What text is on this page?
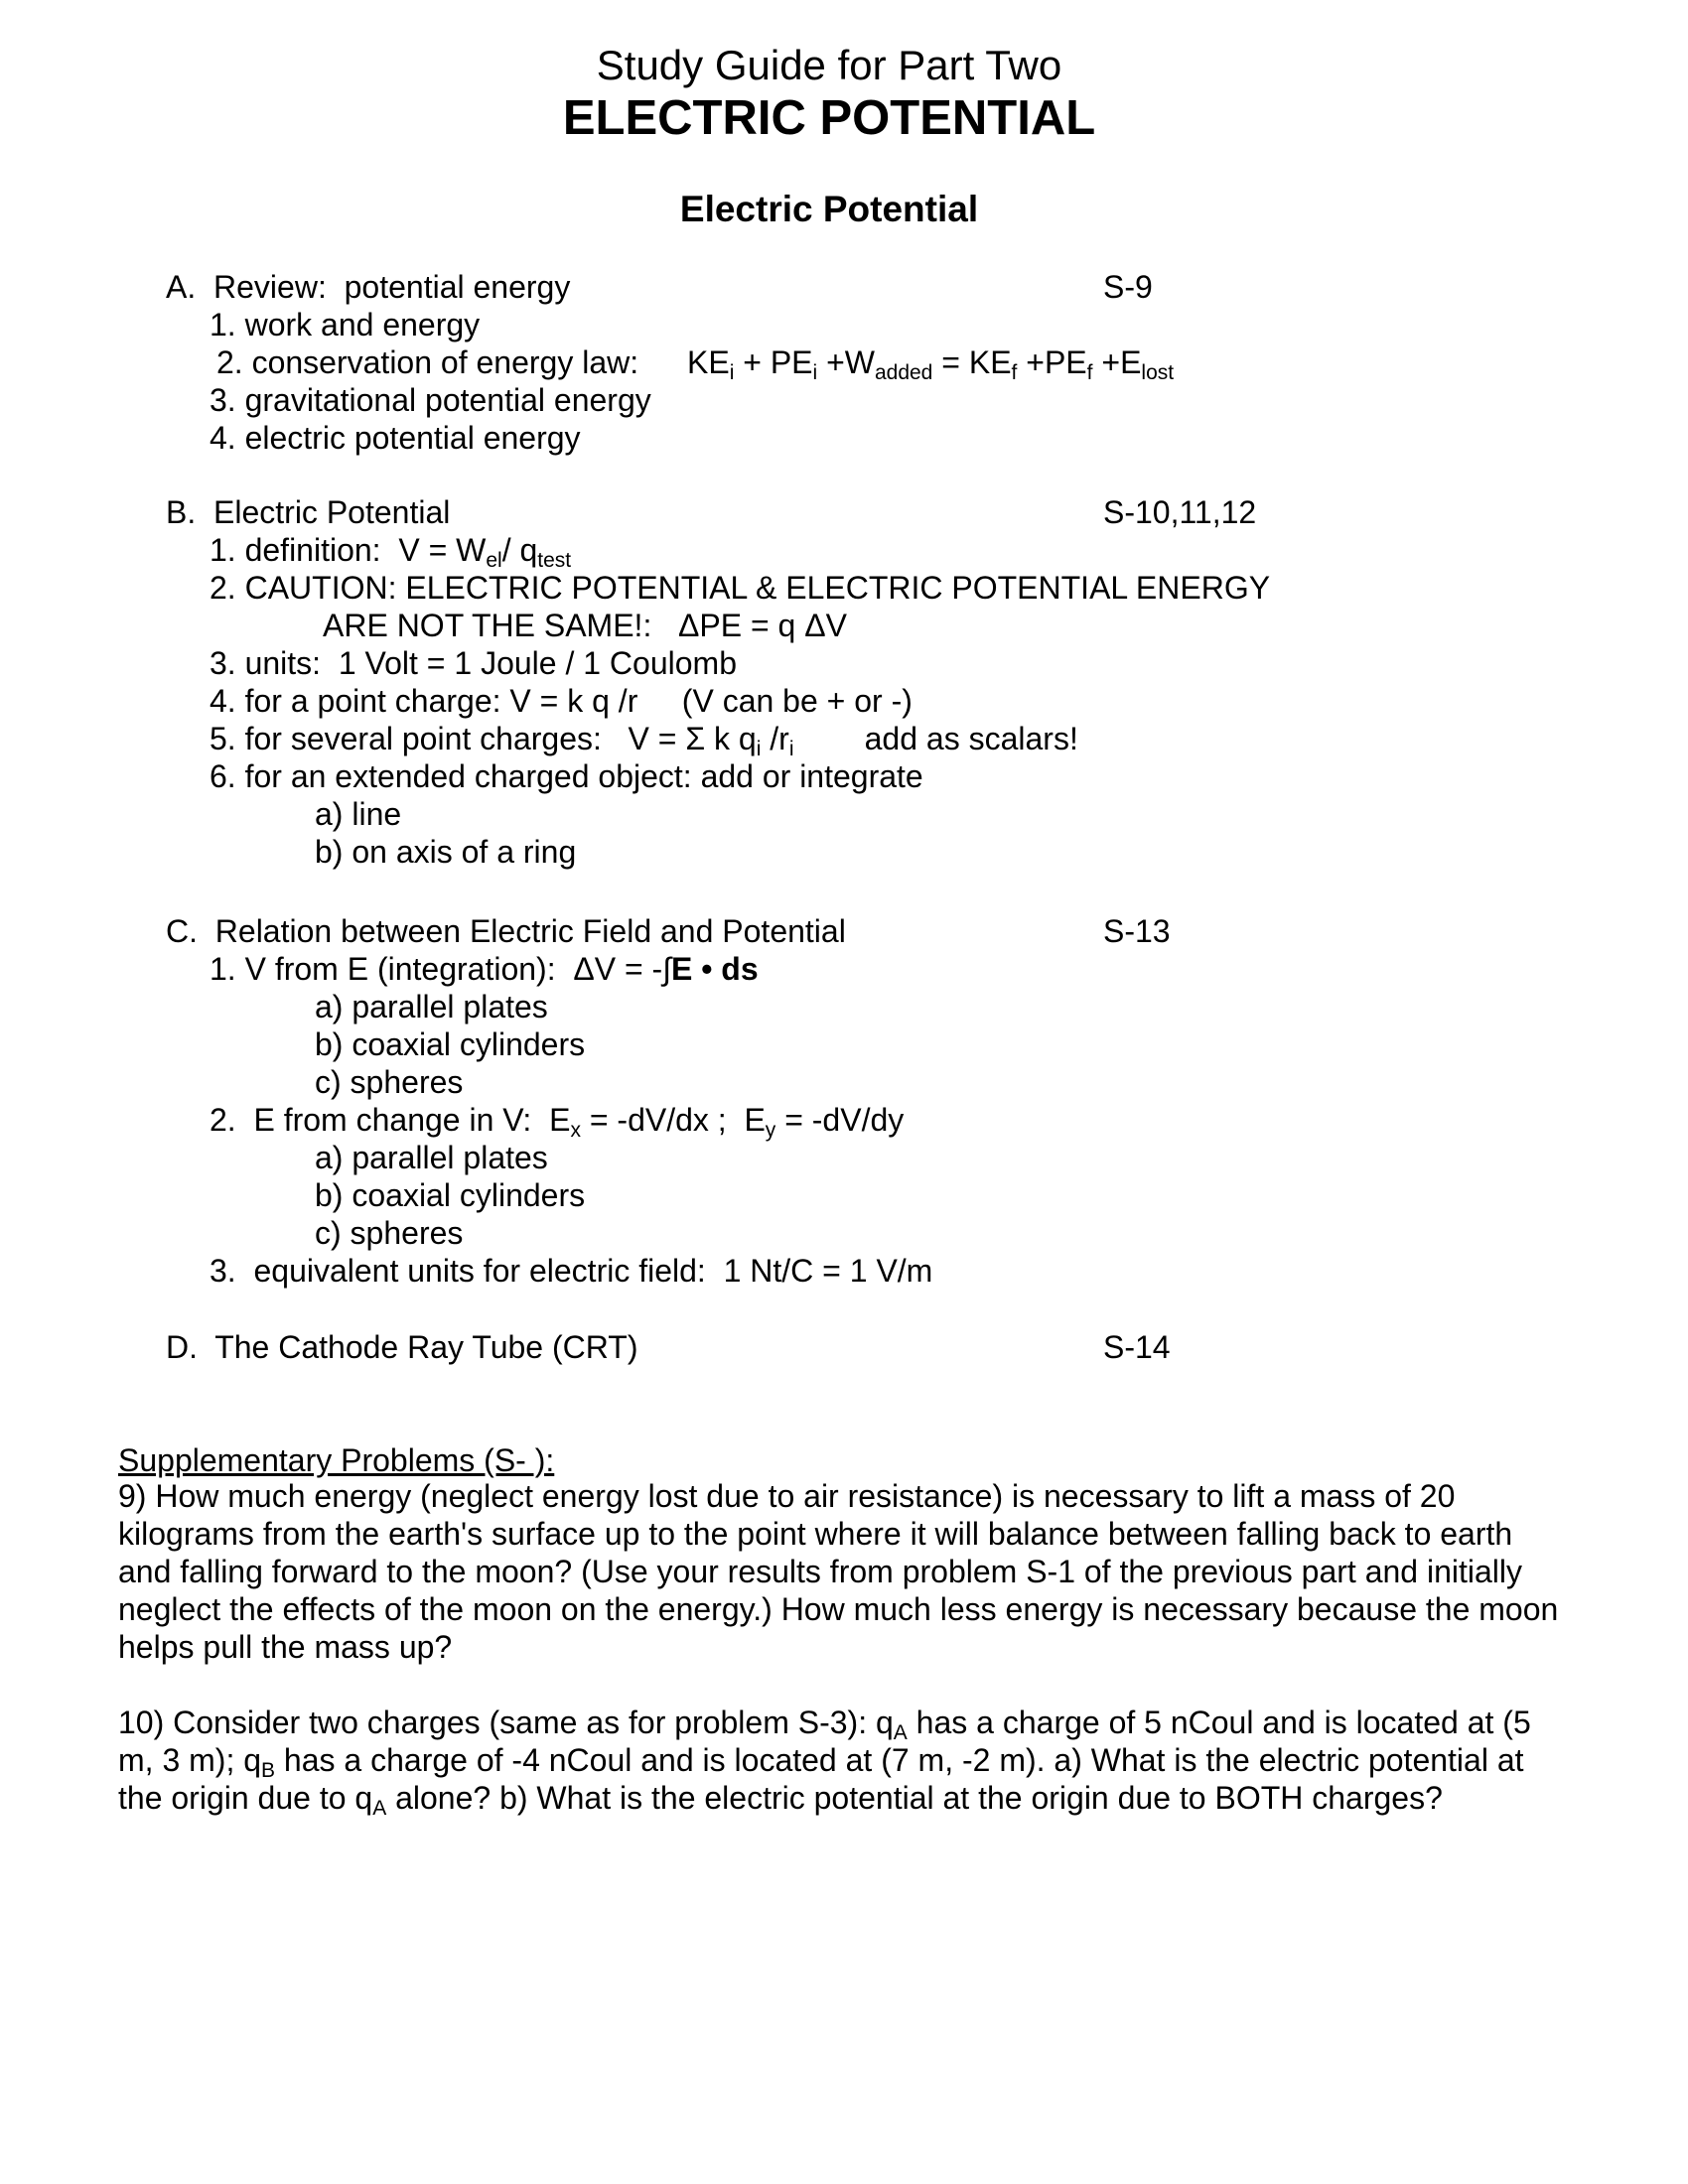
Study Guide for Part Two
ELECTRIC POTENTIAL
Electric Potential
A.  Review:  potential energy	S-9
1. work and energy
2. conservation of energy law: $KE_i + PE_i +W_{added} = KE_f +PE_f +E_{lost}$
3. gravitational potential energy
4. electric potential energy
B.  Electric Potential	S-10,11,12
1. definition:  $V = W_{el}/$ $q_{test}$
2. CAUTION: ELECTRIC POTENTIAL & ELECTRIC POTENTIAL ENERGY
ARE NOT THE SAME!:   ΔPE = q ΔV
3. units:  1 Volt = 1 Joule / 1 Coulomb
4. for a point charge: V = k q /r     (V can be + or -)
5. for several point charges:   V = Σ k $q_i$ $/r_i$        add as scalars!
6. for an extended charged object: add or integrate
a) line
b) on axis of a ring
C.  Relation between Electric Field and Potential	S-13
1. V from E (integration):  ΔV = -∫E • ds
a) parallel plates
b) coaxial cylinders
c) spheres
2.  E from change in V:  $E_x = -dV/dx$ ;  $E_y = -dV/dy$
a) parallel plates
b) coaxial cylinders
c) spheres
3.  equivalent units for electric field:  1 Nt/C = 1 V/m
D.  The Cathode Ray Tube (CRT)	S-14
Supplementary Problems (S- ):
9) How much energy (neglect energy lost due to air resistance) is necessary to lift a mass of 20 kilograms from the earth's surface up to the point where it will balance between falling back to earth and falling forward to the moon? (Use your results from problem S-1 of the previous part and initially neglect the effects of the moon on the energy.) How much less energy is necessary because the moon helps pull the mass up?
10) Consider two charges (same as for problem S-3): $q_A$ has a charge of 5 nCoul and is located at (5 m, 3 m); $q_B$ has a charge of -4 nCoul and is located at (7 m, -2 m). a) What is the electric potential at the origin due to $q_A$ alone? b) What is the electric potential at the origin due to BOTH charges?
